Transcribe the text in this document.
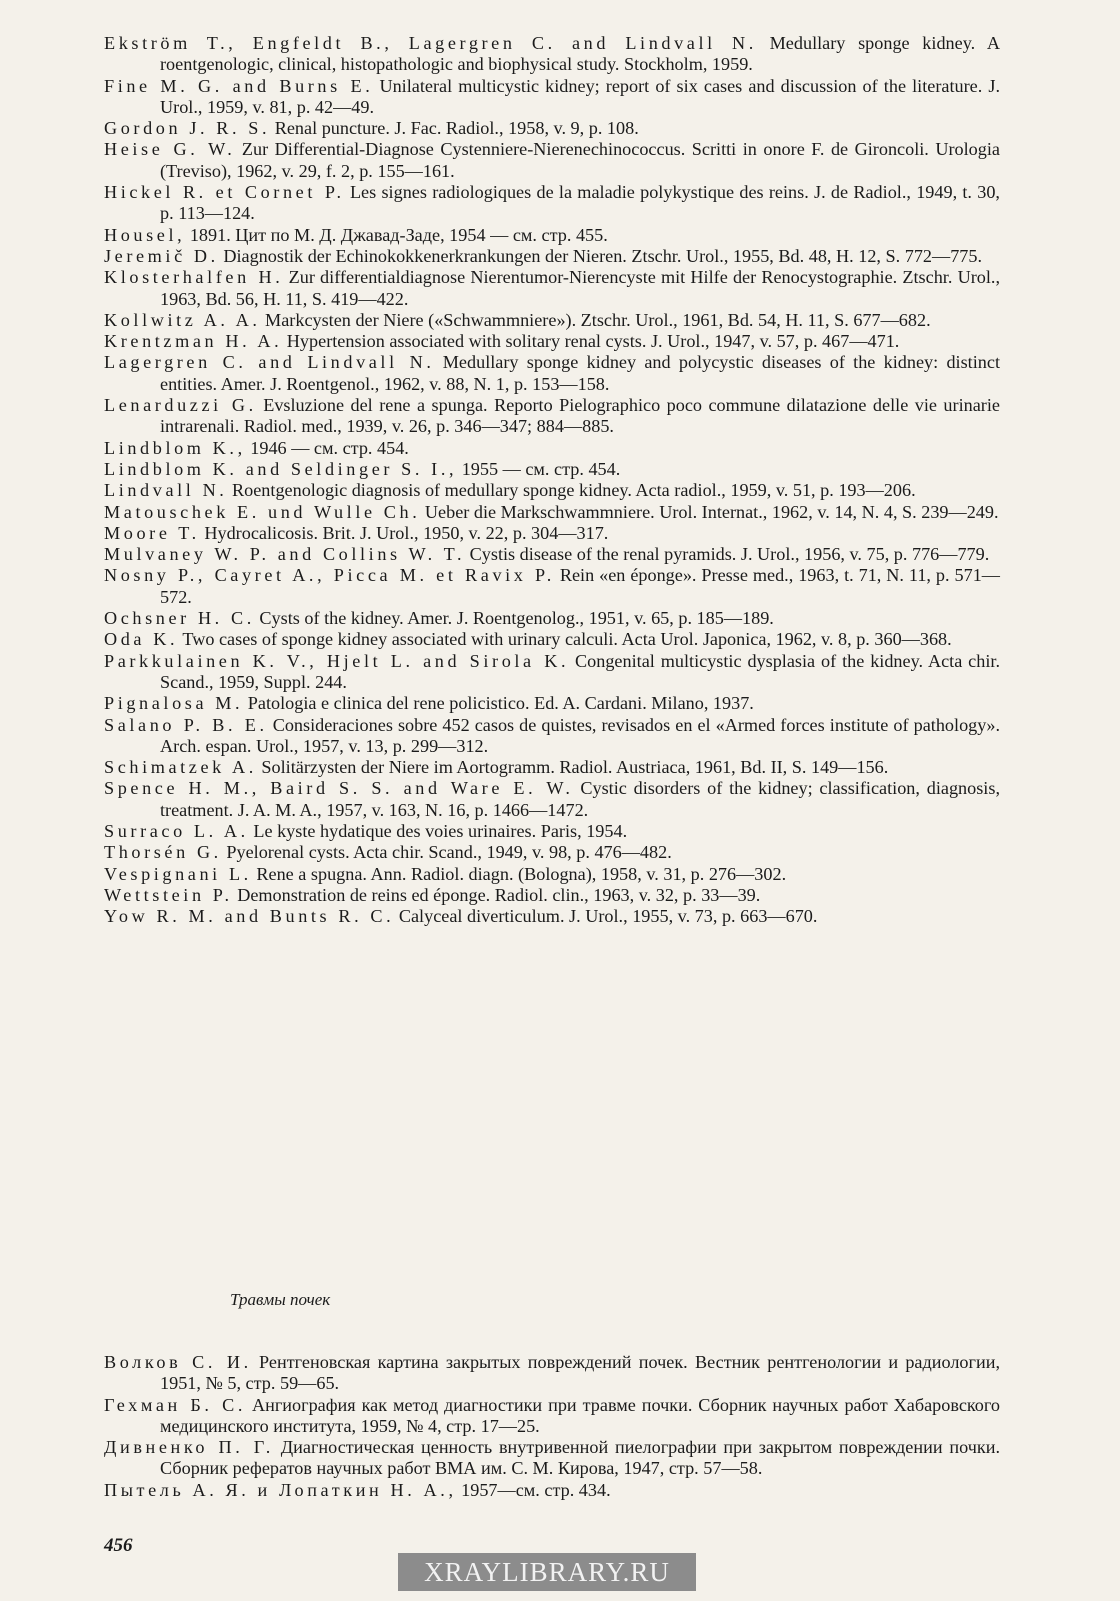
Ekström T., Engfeldt B., Lagergren C. and Lindvall N. Medullary sponge kidney. A roentgenologic, clinical, histopathologic and biophysical study. Stockholm, 1959.

Fine M. G. and Burns E. Unilateral multicystic kidney; report of six cases and discussion of the literature. J. Urol., 1959, v. 81, p. 42—49.

Gordon J. R. S. Renal puncture. J. Fac. Radiol., 1958, v. 9, p. 108.

Heise G. W. Zur Differential-Diagnose Cystenniere-Nierenechinococcus. Scritti in onore F. de Gironcoli. Urologia (Treviso), 1962, v. 29, f. 2, p. 155—161.

Hickel R. et Cornet P. Les signes radiologiques de la maladie polykystique des reins. J. de Radiol., 1949, t. 30, p. 113—124.

Housel, 1891. Цит по М. Д. Джавад-Заде, 1954 — см. стр. 455.

Jeremič D. Diagnostik der Echinokokkenerkrankungen der Nieren. Ztschr. Urol., 1955, Bd. 48, H. 12, S. 772—775.

Klosterhalfen H. Zur differentialdiagnose Nierentumor-Nierencyste mit Hilfe der Renocystographie. Ztschr. Urol., 1963, Bd. 56, H. 11, S. 419—422.

Kollwitz A. A. Markcysten der Niere («Schwammniere»). Ztschr. Urol., 1961, Bd. 54, H. 11, S. 677—682.

Krentzman H. A. Hypertension associated with solitary renal cysts. J. Urol., 1947, v. 57, p. 467—471.

Lagergren C. and Lindvall N. Medullary sponge kidney and polycystic diseases of the kidney: distinct entities. Amer. J. Roentgenol., 1962, v. 88, N. 1, p. 153—158.

Lenarduzzi G. Evsluzione del rene a spunga. Reporto Pielographico poco commune dilatazione delle vie urinarie intrarenali. Radiol. med., 1939, v. 26, p. 346—347; 884—885.

Lindblom K., 1946 — см. стр. 454.

Lindblom K. and Seldinger S. I., 1955 — см. стр. 454.

Lindvall N. Roentgenologic diagnosis of medullary sponge kidney. Acta radiol., 1959, v. 51, p. 193—206.

Matouschek E. und Wulle Ch. Ueber die Markschwammniere. Urol. Internat., 1962, v. 14, N. 4, S. 239—249.

Moore T. Hydrocalicosis. Brit. J. Urol., 1950, v. 22, p. 304—317.

Mulvaney W. P. and Collins W. T. Cystis disease of the renal pyramids. J. Urol., 1956, v. 75, p. 776—779.

Nosny P., Cayret A., Picca M. et Ravix P. Rein «en éponge». Presse med., 1963, t. 71, N. 11, p. 571—572.

Ochsner H. C. Cysts of the kidney. Amer. J. Roentgenolog., 1951, v. 65, p. 185—189.

Oda K. Two cases of sponge kidney associated with urinary calculi. Acta Urol. Japonica, 1962, v. 8, p. 360—368.

Parkkulainen K. V., Hjelt L. and Sirola K. Congenital multicystic dysplasia of the kidney. Acta chir. Scand., 1959, Suppl. 244.

Pignalosa M. Patologia e clinica del rene policistico. Ed. A. Cardani. Milano, 1937.

Salano P. B. E. Consideraciones sobre 452 casos de quistes, revisados en el «Armed forces institute of pathology». Arch. espan. Urol., 1957, v. 13, p. 299—312.

Schimatzek A. Solitärzysten der Niere im Aortogramm. Radiol. Austriaca, 1961, Bd. II, S. 149—156.

Spence H. M., Baird S. S. and Ware E. W. Cystic disorders of the kidney; classification, diagnosis, treatment. J. A. M. A., 1957, v. 163, N. 16, p. 1466—1472.

Surraco L. A. Le kyste hydatique des voies urinaires. Paris, 1954.

Thorsén G. Pyelorenal cysts. Acta chir. Scand., 1949, v. 98, p. 476—482.

Vespignani L. Rene a spugna. Ann. Radiol. diagn. (Bologna), 1958, v. 31, p. 276—302.

Wettstein P. Demonstration de reins ed éponge. Radiol. clin., 1963, v. 32, p. 33—39.

Yow R. M. and Bunts R. C. Calyceal diverticulum. J. Urol., 1955, v. 73, p. 663—670.

Травмы почек

Волков С. И. Рентгеновская картина закрытых повреждений почек. Вестник рентгенологии и радиологии, 1951, № 5, стр. 59—65.

Гехман Б. С. Ангиография как метод диагностики при травме почки. Сборник научных работ Хабаровского медицинского института, 1959, № 4, стр. 17—25.

Дивненко П. Г. Диагностическая ценность внутривенной пиелографии при закрытом повреждении почки. Сборник рефератов научных работ ВМА им. С. М. Кирова, 1947, стр. 57—58.

Пытель А. Я. и Лопаткин Н. А., 1957—см. стр. 434.

456
XRAYLIBRARY.RU
